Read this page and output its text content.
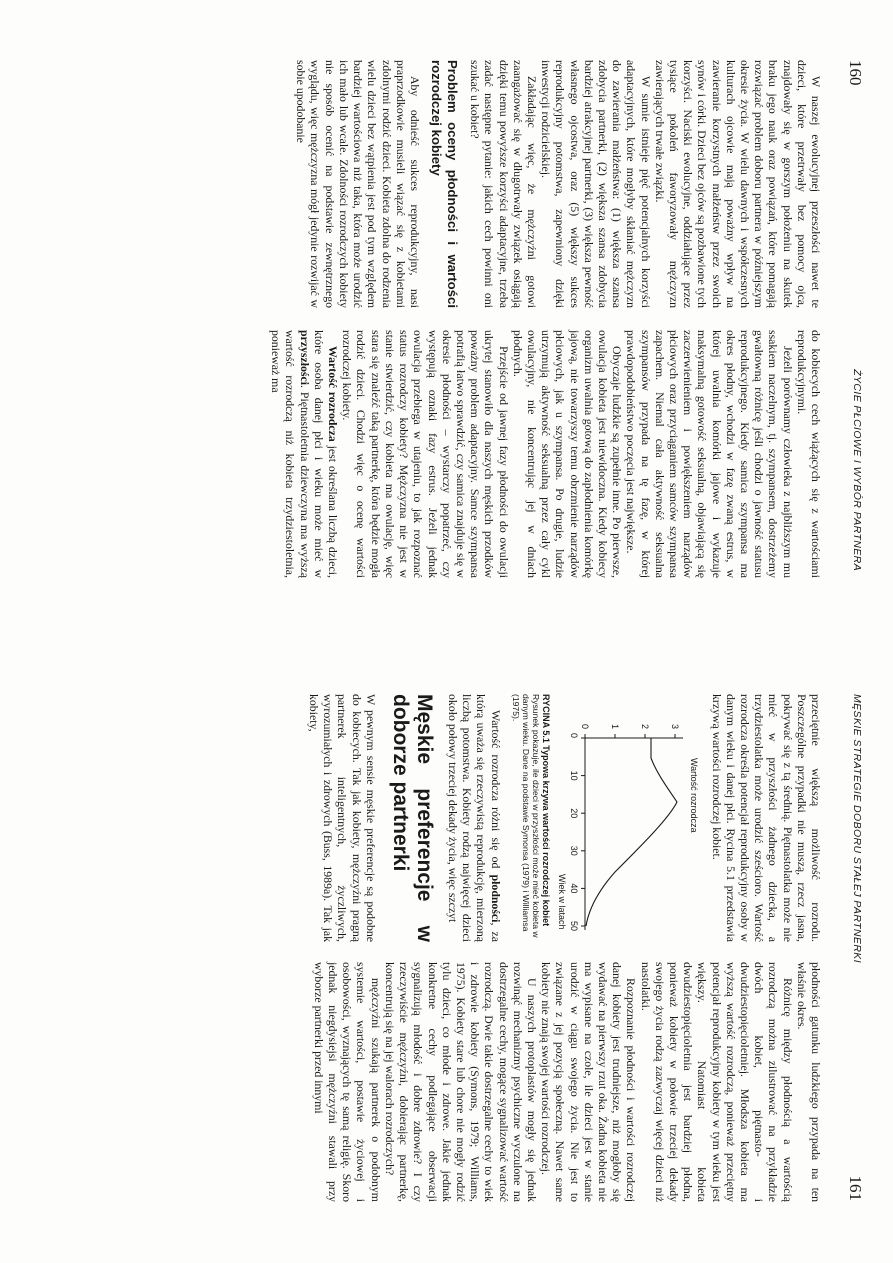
160
ŻYCIE PŁCIOWE I WYBÓR PARTNERA

W naszej ewolucyjnej przeszłości nawet te dzieci, które przetrwały bez pomocy ojca, znajdowały się w gorszym położeniu na skutek braku jego nauk oraz powiązań, które pomagają rozwiązać problem doboru partnera w późniejszym okresie życia. W wielu dawnych i współczesnych kulturach ojcowie mają poważny wpływ na zawieranie korzystnych małżeństw przez swoich synów i córki. Dzieci bez ojców są pozbawione tych korzyści. Naciski ewolucyjne, oddziałujące przez tysiące pokoleń faworyzowały mężczyzn zawierających trwałe związki.

W sumie istnieje pięć potencjalnych korzyści adaptacyjnych, które mogłyby skłaniać mężczyzn do zawierania małżeństwa: (1) większa szansa zdobycia partnerki, (2) większa szansa zdobycia bardziej atrakcyjnej partnerki, (3) większa pewność własnego ojcostwa, oraz (5) większy sukces reprodukcyjny potomstwa, zapewniony dzięki inwestycji rodzicielskiej.

Zakładając więc, że mężczyźni gotowi zaangażować się w długotrwały związek osiągają dzięki temu powyższe korzyści adaptacyjne, trzeba zadać następne pytanie: jakich cech powinni oni szukać u kobiet?

Problem oceny płodności i wartości rozrodczej kobiety

Aby odnieść sukces reprodukcyjny, nasi praprzodkowie musieli wiązać się z kobietami zdolnymi rodzić dzieci. Kobieta zdolna do rodzenia wielu dzieci bez wątpienia jest pod tym względem bardziej wartościowa niż taka, która może urodzić ich mało lub wcale. Zdolności rozrodczych kobiety nie sposób ocenić na podstawie zewnętrznego wyglądu, więc mężczyzna mógł jedynie rozwijać w sobie upodobanie

do kobiecych cech wiążących się z wartościami reprodukcyjnymi.

Jeżeli porównamy człowieka z najbliższym mu ssakiem naczelnym, tj. szympansem, dostrzeżemy gwałtowną różnicę jeśli chodzi o jawność statusu reprodukcyjnego. Kiedy samica szympansa ma okres płodny, wchodzi w fazę zwaną estrus, w której uwalnia komórki jajowe i wykazuje maksymalną gotowość seksualną, objawiającą się zaczerwienieniem i powiększeniem narządów płciowych oraz przyciąganiem samców szympansa zapachem. Niemal cała aktywność seksualna szympansów przypada na tę fazę, w której prawdopodobieństwo poczęcia jest największe.

Obyczaje ludzkie są zupełnie inne. Po pierwsze, owulacja kobieta jest niewidoczna. Kiedy kobiecy organizm uwalnia gotową do zapłodnienia komórkę jajową, nie towarzyszy temu obrzmienie narządów płciowych, jak u szympansa. Po drugie, ludzie utrzymują aktywność seksualną przez cały cykl owulacyjny, nie koncentrując jej w dniach płodnych.

Przejście od jawnej fazy płodności do owulacji ukrytej stanowiło dla naszych męskich przodków poważny problem adaptacyjny. Samce szympansa potrafią łatwo sprawdzić, czy samica znajduje się w okresie płodności – wystarczy popatrzeć, czy występują oznaki fazy estrus. Jeżeli jednak owulacja przebiega w utajeniu, to jak rozpoznać status rozrodczy kobiety? Mężczyzna nie jest w stanie stwierdzić, czy kobieta ma owulację, więc stara się znaleźć taką partnerkę, która będzie mogła rodzić dzieci. Chodzi więc o ocenę wartości rozrodczej kobiety.

Wartość rozrodcza jest określana liczbą dzieci, które osoba danej płci i wieku może mieć w przyszłości. Piętnastoletnia dziewczyna ma wyższą wartość rozrodczą niż kobieta trzydziestoletnia, ponieważ ma

MĘSKIE STRATEGIE DOBORU STAŁEJ PARTNERKI
161

przeciętnie większą możliwość rozrodu. Poszczególne przypadki nie muszą, rzecz jasna, pokrywać się z tą średnią. Piętnastolatka może nie mieć w przyszłości żadnego dziecka, a trzydziestolatka może urodzić sześcioro. Wartość rozrodcza określa potencjał reprodukcyjny osoby w danym wieku i danej płci. Rycina 5.1 przedstawia krzywą wartości rozrodczej kobiet.

Wartość rozrodcza
0 1 2 3
0
10
20
30
40
50
Wiek w latach
RYCINA 5.1 Typowa krzywa wartości rozrodczej kobiet
Rysunek pokazuje, ile dzieci w przyszłości może mieć kobieta w danym wieku. Dane na podstawie Symonsa (1979) i Williamsa (1975).

Wartość rozrodcza różni się od płodności, za którą uważa się rzeczywistą reprodukcję, mierzoną liczbą potomstwa. Kobiety rodzą najwięcej dzieci około połowy trzeciej dekady życia, więc szczyt

Męskie preferencje w doborze partnerki

W pewnym sensie męskie preferencje są podobne do kobiecych. Tak jak kobiety, mężczyźni pragną partnerek inteligentnych, życzliwych, wyrozumiałych i zdrowych (Buss, 1989a). Tak jak kobiety,

płodności gatunku ludzkiego przypada na ten właśnie okres.

Różnicę między płodnością a wartością rozrodczą można zilustrować na przykładzie dwóch kobiet, piętnasto- i dwudziestopięcioletniej. Młodsza kobieta ma wyższą wartość rozrodczą, ponieważ przeciętny potencjał reprodukcyjny kobiety w tym wieku jest większy. Natomiast kobieta dwudziestopięcioletnia jest bardziej płodna, ponieważ kobiety w połowie trzeciej dekady swojego życia rodzą zazwyczaj więcej dzieci niż nastolatki.

Rozpoznanie płodności i wartości rozrodczej danej kobiety jest trudniejsze, niż mogłoby się wydawać na pierwszy rzut oka. Żadna kobieta nie ma wypisane na czole, ile dzieci jest w stanie urodzić w ciągu swojego życia. Nie jest to związane z jej pozycją społeczną. Nawet same kobiety nie znają swojej wartości rozrodczej.

U naszych protoplastów mogły się jednak rozwinąć mechanizmy psychiczne wyczulone na dostrzegalne cechy, mogące sygnalizować wartość rozrodczą. Dwie takie dostrzegalne cechy to wiek i zdrowie kobiety (Symons, 1979; Williams, 1975). Kobiety stare lub chore nie mogły rodzić tylu dzieci, co młode i zdrowe. Jakie jednak konkretne cechy podlegające obserwacji sygnalizują młodość i dobre zdrowie? I czy rzeczywiście mężczyźni, dobierając partnerkę, koncentrują się na jej walorach rozrodczych?

mężczyźni szukają partnerek o podobnym systemie wartości, postawie życiowej i osobowości, wyznających tę samą religię. Skoro jednak niegdysiejsi mężczyźni stawali przy wyborze partnerki przed innymi
